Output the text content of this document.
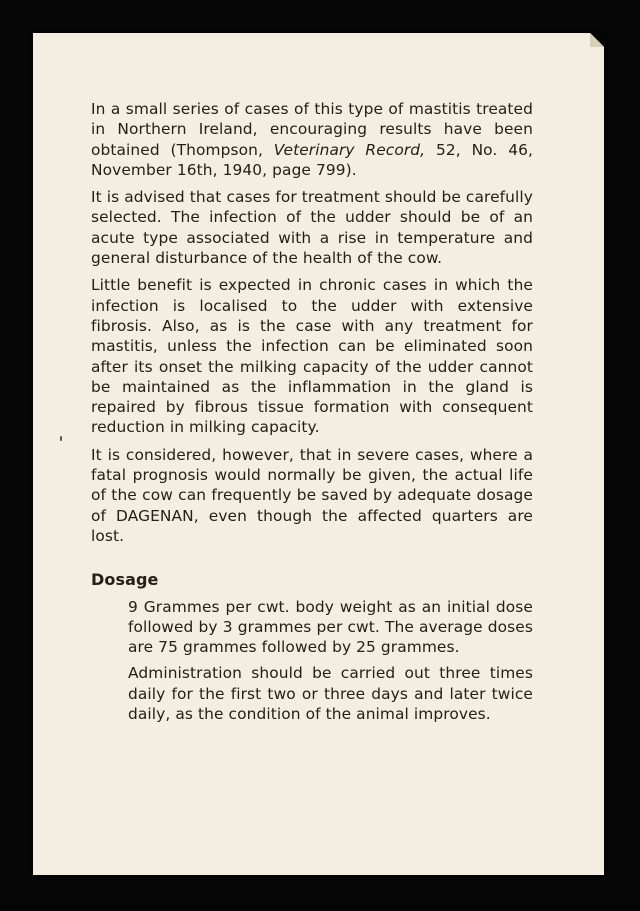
In a small series of cases of this type of mastitis treated in Northern Ireland, encouraging results have been obtained (Thompson, Veterinary Record, 52, No. 46, November 16th, 1940, page 799).

It is advised that cases for treatment should be carefully selected. The infection of the udder should be of an acute type associated with a rise in temperature and general disturbance of the health of the cow.

Little benefit is expected in chronic cases in which the infection is localised to the udder with extensive fibrosis. Also, as is the case with any treatment for mastitis, unless the infection can be eliminated soon after its onset the milking capacity of the udder cannot be maintained as the inflammation in the gland is repaired by fibrous tissue formation with consequent reduction in milking capacity.

It is considered, however, that in severe cases, where a fatal prognosis would normally be given, the actual life of the cow can frequently be saved by adequate dosage of DAGENAN, even though the affected quarters are lost.

Dosage

9 Grammes per cwt. body weight as an initial dose followed by 3 grammes per cwt. The average doses are 75 grammes followed by 25 grammes.

Administration should be carried out three times daily for the first two or three days and later twice daily, as the condition of the animal improves.
